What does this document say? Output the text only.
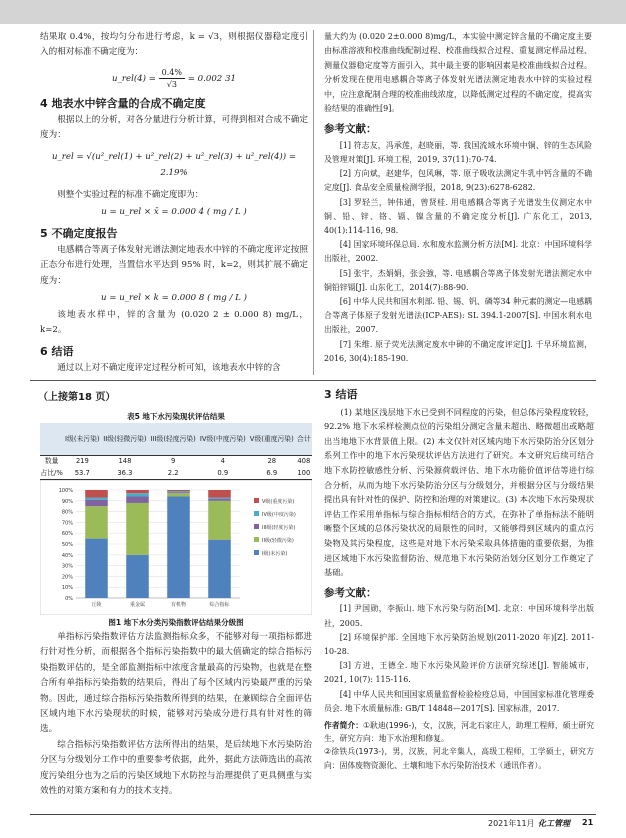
结果取 0.4%，按均匀分布进行考虑，k = √3，则根据仪器稳定度引入的相对标准不确定度为：

u_rel(4) = $\frac{0.4\%}{√3} = 0.002$ 31
4 地表水中锌含量的合成不确定度

根据以上的分析，对各分量进行分析计算，可得到相对合成不确定度为：

u_rel = √(u²_rel(1) + u²_rel(2) + u²_rel(3) + u²_rel(4)) = 2.19%

则整个实验过程的标准不确定度即为：

u = u_rel × x̄ = 0.000 4 ( mg / L )
5 不确定度报告

电感耦合等离子体发射光谱法测定地表水中锌的不确定度评定按照正态分布进行处理，当置信水平达到 95% 时，k=2，则其扩展不确定度为：

u = u_rel × k = 0.000 8 ( mg / L )

该地表水样中，锌的含量为 (0.020 2 ± 0.000 8) mg/L，k=2。

6 结语

通过以上对不确定度评定过程分析可知，该地表水中锌的含

量大约为 (0.020 2±0.000 8)mg/L，本实验中测定锌含量的不确定度主要由标准溶液和校准曲线配制过程、校准曲线拟合过程、重复测定样品过程、测量仪器稳定度等方面引入，其中最主要的影响因素是校准曲线拟合过程。分析发现在使用电感耦合等离子体发射光谱法测定地表水中锌的实验过程中，应注意配制合理的校准曲线浓度，以降低测定过程的不确定度，提高实验结果的准确性[9]。

参考文献：

[1] 符志友，冯承莲，赵晓丽，等. 我国流域水环境中铜、锌的生态风险及管理对策[J]. 环境工程，2019, 37(11):70-74.

[2] 方向斌，赵建华，包风琳，等. 原子吸收法测定牛乳中钙含量的不确定度[J]. 食品安全质量检测学报，2018, 9(23):6278-6282.

[3] 罗轻兰，钟伟通，曾贤桂. 用电感耦合等离子光谱发生仪测定水中铜、铅、锌、铬、镉、镍含量的不确定度分析[J]. 广东化工，2013, 40(1):114-116, 98.

[4] 国家环境环保总局. 水和废水监测分析方法[M]. 北京：中国环境科学出版社，2002.

[5] 张宇，杰娟娟，张会強，等. 电感耦合等离子体发射光谱法测定水中铜铅锌镉[J]. 山东化工，2014(7):88-90.

[6] 中华人民共和国水利部. 铅、锡、钒、磷等34 种元素的测定—电感耦合等离子体原子发射光谱法(ICP-AES): SL 394.1-2007[S]. 中国水利水电出版社，2007.

[7] 朱维. 原子荧光法测定废水中砷的不确定度评定[J]. 千早环境监测，2016, 30(4):185-190.

（上接第18 页）
表5 地下水污染现状评估结果
	I级(未污染)	II级(轻微污染)	III级(轻度污染)	IV级(中度污染)	V级(重度污染)	合计
数量	219	148	9	4	28	408
占比/%	53.7	36.3	2.2	0.9	6.9	100
0%
10%
20%
30%
40%
50%
60%
70%
80%
90%
100%
丘陵	重金属	有机物	综合指标
V级(重度污染)
IV级(中度污染)
III级(轻度污染)
II级(轻微污染)
I级(未污染)
图1 地下水分类污染指数评估结果分级图

单指标污染指数评估方法监测指标众多，不能够对每一项指标都进行针对性分析，而根据各个指标污染指数中的最大值确定的综合指标污染指数评估的，是全部监测指标中浓度含量最高的污染物，也就是在整合所有单指标污染指数的结果后，得出了每个区域内污染最严重的污染物。因此，通过综合指标污染指数所得到的结果，在兼顾综合全面评估区域内地下水污染现状的时候，能够对污染成分进行具有针对性的筛选。

综合指标污染指数评估方法所得出的结果，是后续地下水污染防治分区与分级划分工作中的重要参考依据，此外，据此方法筛选出的高浓度污染组分也为之后的污染区域地下水防控与治理提供了更具侧重与实效性的对策方案和有力的技术支持。

3 结语

(1) 某地区浅层地下水已受到不同程度的污染，但总体污染程度较轻，92.2% 地下水采样检测点位的污染组分测定含量未超出、略微超出或略超出当地地下水背景值上限。(2) 本文仅针对区域内地下水污染防治分区划分系列工作中的地下水污染现状评估方法进行了研究。本文研究后续可结合地下水防控敏感性分析、污染源荷载评估、地下水功能价值评估等进行综合分析，从而为地下水污染防治分区与分级划分，并根据分区与分级结果提出具有针对性的保护、防控和治理的对策建议。(3) 本次地下水污染现状评估工作采用单指标与综合指标相结合的方式，在弥补了单指标法不能明晰整个区域的总体污染状况的局限性的同时，又能够得到区域内的重点污染物及其污染程度，这些是对地下水污染采取具体措施的重要依据，为推进区域地下水污染监督防治、规范地下水污染防治划分区划分工作奠定了基础。

参考文献：

[1] 尹国勋，李振山. 地下水污染与防治[M]. 北京：中国环境科学出版社，2005.

[2] 环境保护部. 全国地下水污染防治规划(2011-2020 年)[Z]. 2011-10-28.

[3] 方进，王德全. 地下水污染风险评价方法研究综述[J]. 智能城市，2021, 10(7): 115-116.

[4] 中华人民共和国国家质量监督检验检疫总局，中国国家标准化管理委员会. 地下水质量标准: GB/T 14848—2017[S]. 国家标准，2017.

作者简介：①耿迪(1996-)，女，汉族，河北石家庄人，助理工程师，硕士研究生，研究方向：地下水治理和修复。
②徐铁兵(1973-)，男，汉族，河北辛集人，高级工程师，工学硕士，研究方向：固体废物资源化、土壤和地下水污染防治技术（通讯作者）。
2021年11月 化工管理 21
